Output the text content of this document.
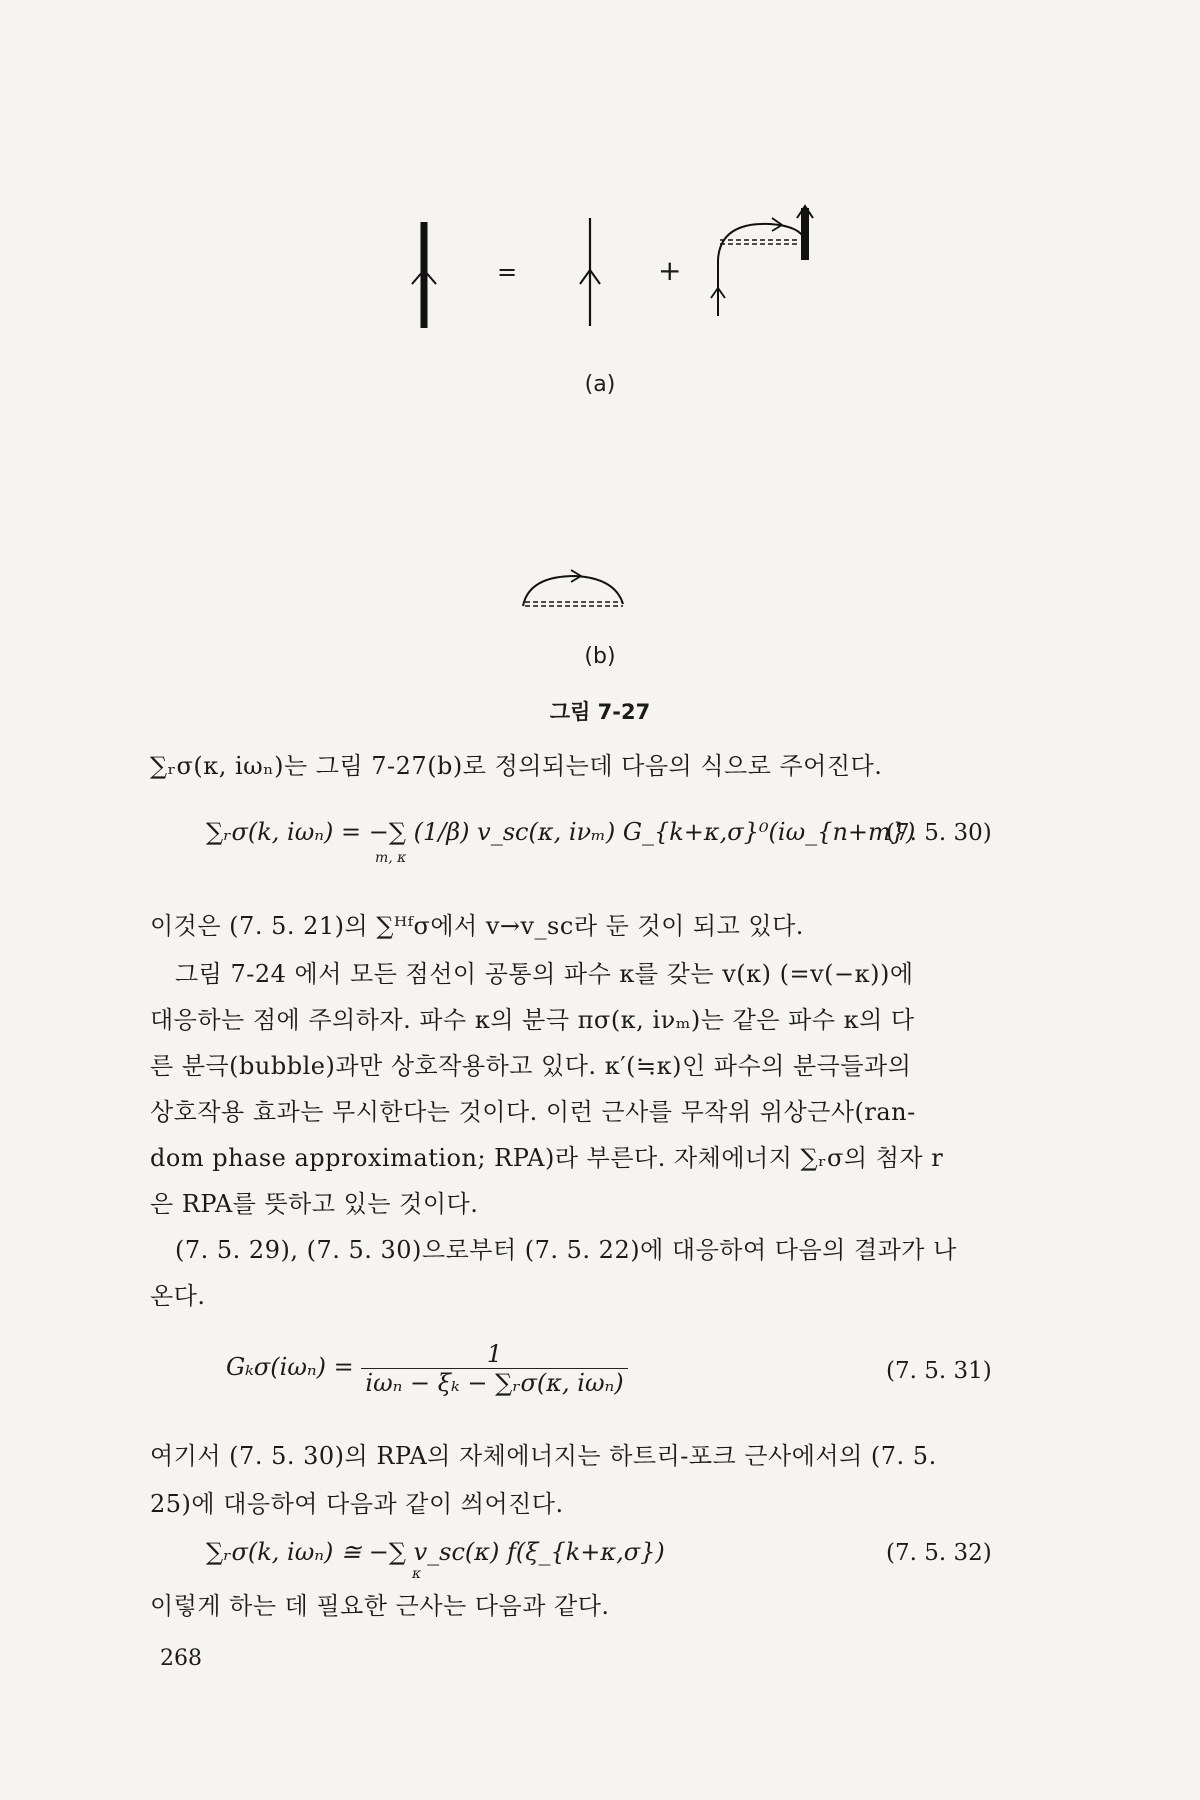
=	+
(a)
(b)
그림 7-27
∑ᵣσ(κ, iωₙ)는 그림 7-27(b)로 정의되는데 다음의 식으로 주어진다.
∑ᵣσ(k, iωₙ) = −∑ (1/β) v_sc(κ, iνₘ) G_{k+κ,σ}⁰(iω_{n+m})
m, κ
(7. 5. 30)
이것은 (7. 5. 21)의 ∑ᴴᶠσ에서 v→v_sc라 둔 것이 되고 있다.
그림 7-24 에서 모든 점선이 공통의 파수 κ를 갖는 v(κ) (=v(−κ))에
대응하는 점에 주의하자. 파수 κ의 분극 πσ(κ, iνₘ)는 같은 파수 κ의 다
른 분극(bubble)과만 상호작용하고 있다. κ′(≒κ)인 파수의 분극들과의
상호작용 효과는 무시한다는 것이다. 이런 근사를 무작위 위상근사(ran-
dom phase approximation; RPA)라 부른다. 자체에너지 ∑ᵣσ의 첨자 r
은 RPA를 뜻하고 있는 것이다.
(7. 5. 29), (7. 5. 30)으로부터 (7. 5. 22)에 대응하여 다음의 결과가 나
온다.
$G_k\sigma(i\omega_n) = \frac{1}{\text{iωₙ − ξₖ − ∑ᵣσ(κ, iωₙ)}}$	(7. 5. 31)
여기서 (7. 5. 30)의 RPA의 자체에너지는 하트리-포크 근사에서의 (7. 5.
25)에 대응하여 다음과 같이 씌어진다.
∑ᵣσ(k, iωₙ) ≅ −∑ v_sc(κ) f(ξ_{k+κ,σ})
κ
(7. 5. 32)
이렇게 하는 데 필요한 근사는 다음과 같다.
268
